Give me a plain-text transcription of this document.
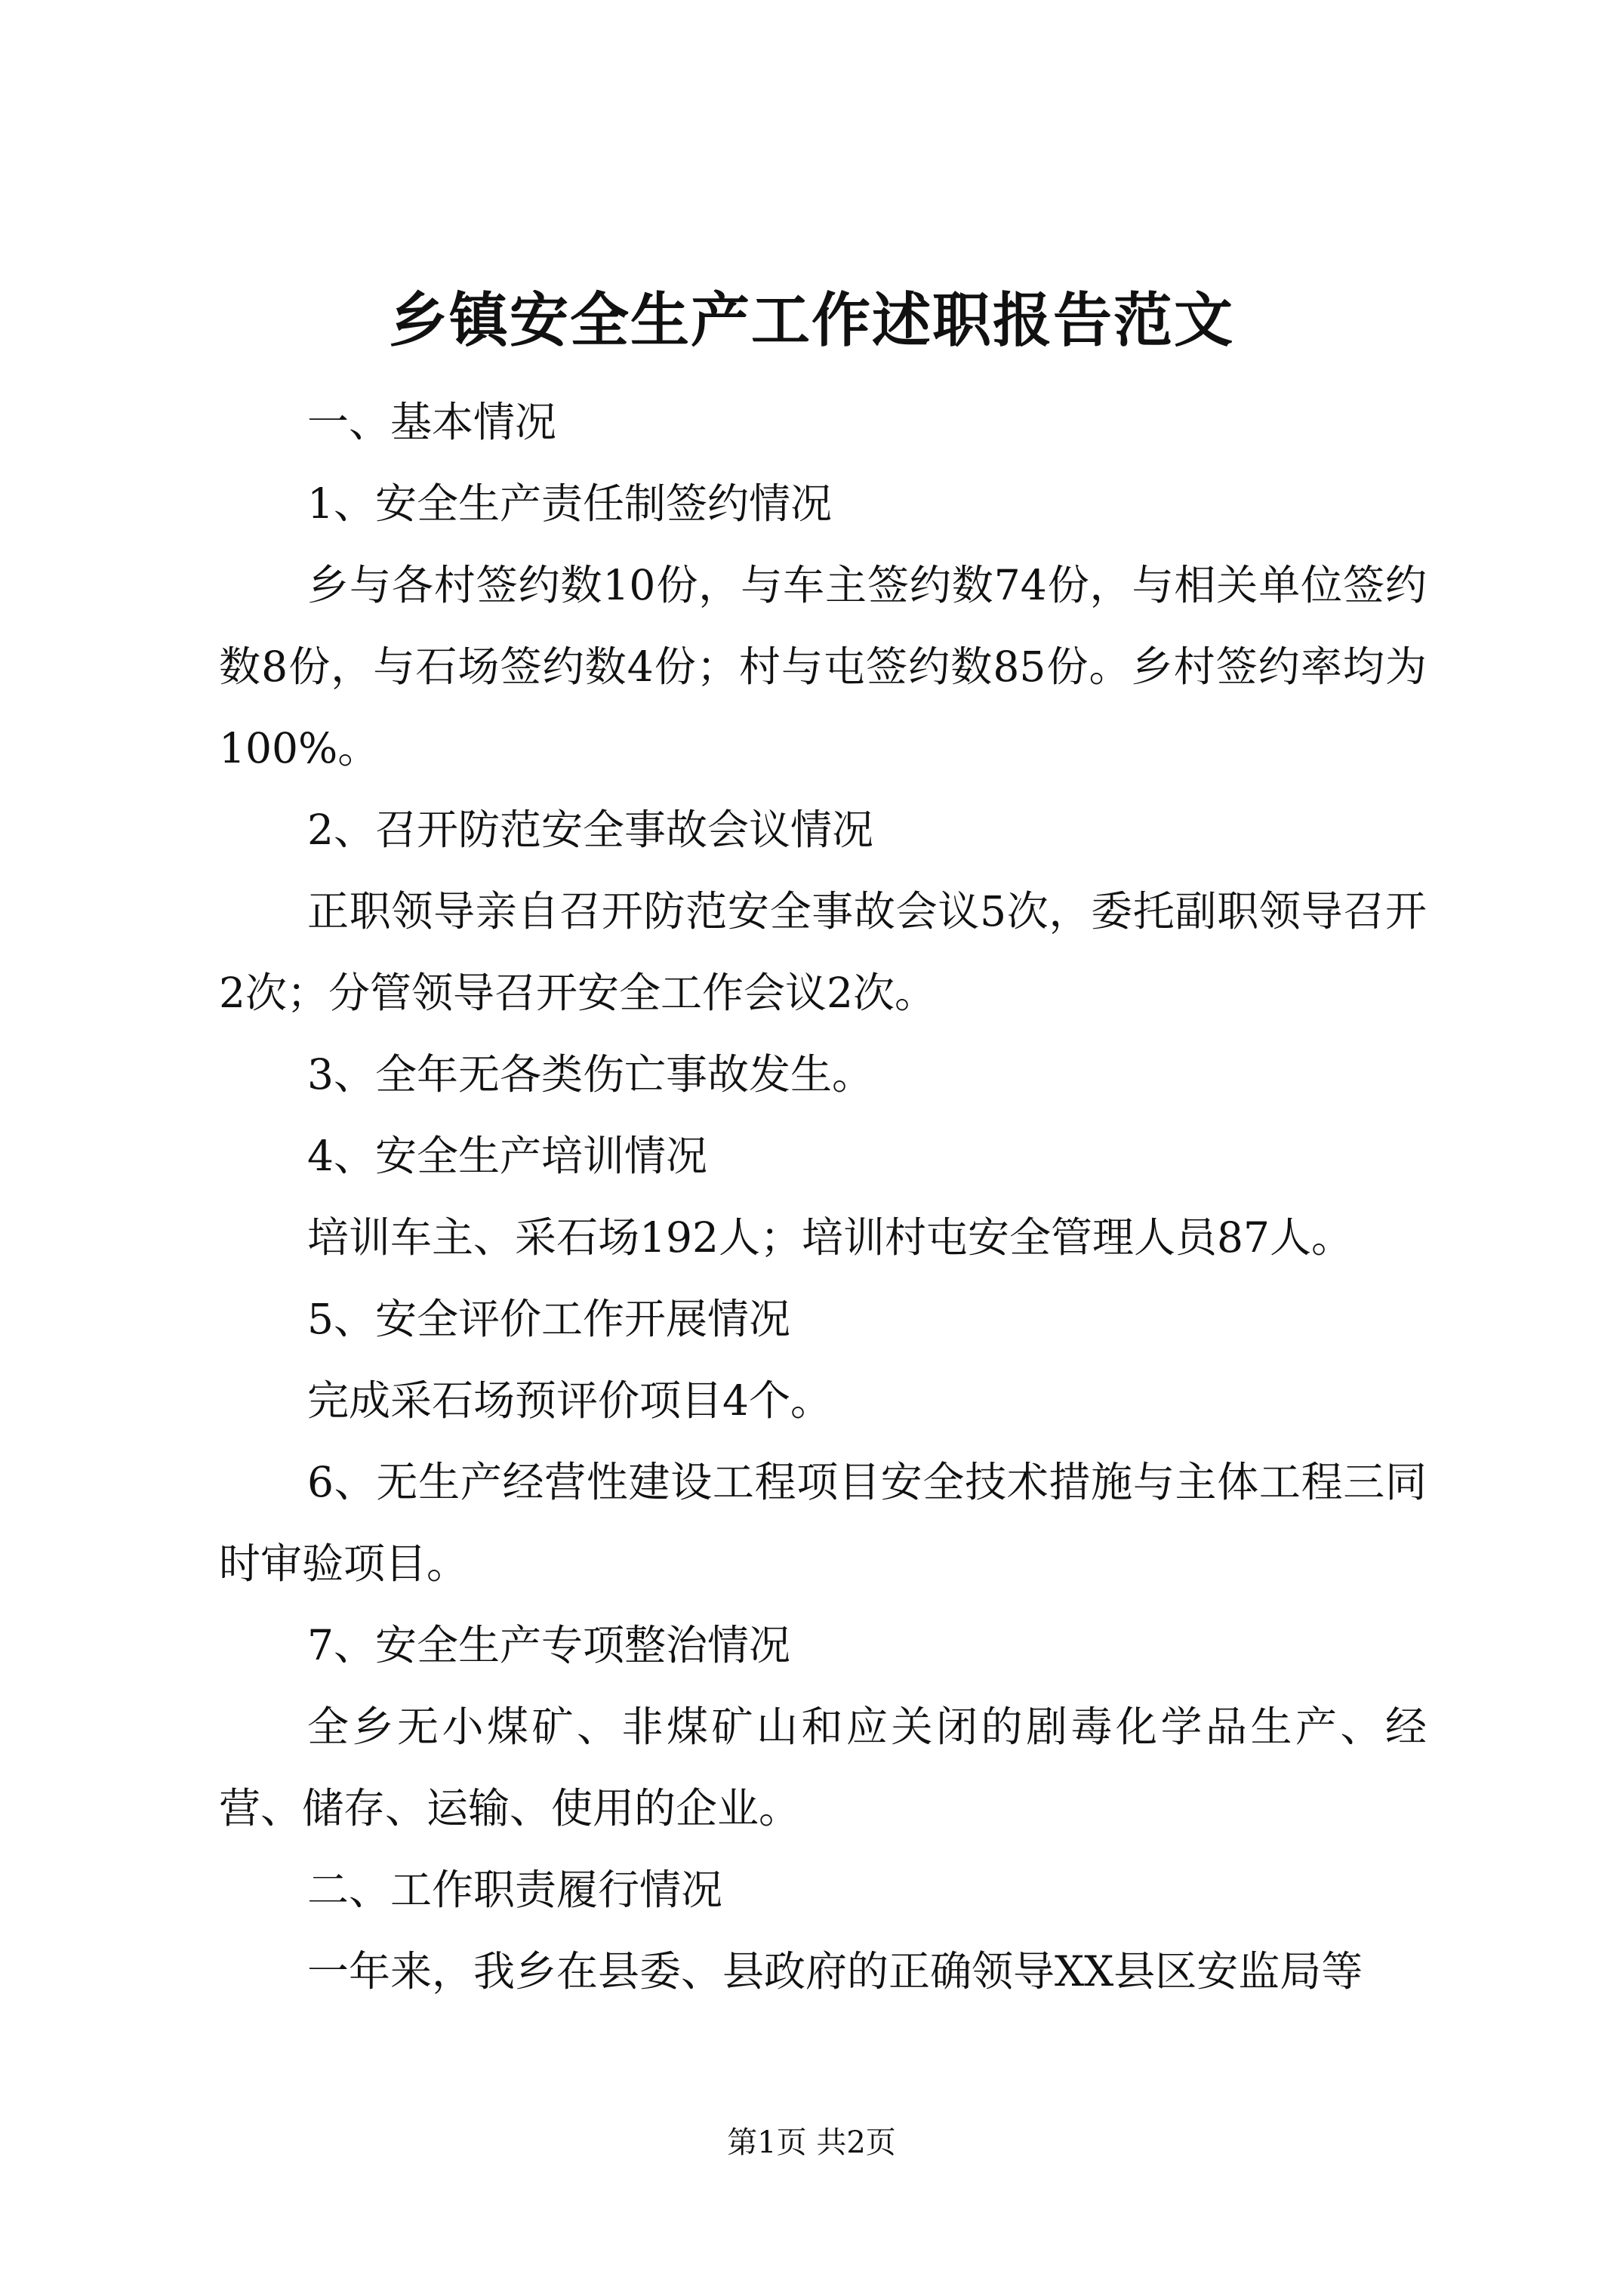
乡镇安全生产工作述职报告范文

一、基本情况

1、安全生产责任制签约情况

乡与各村签约数10份，与车主签约数74份，与相关单位签约数8份，与石场签约数4份；村与屯签约数85份。乡村签约率均为100%。

2、召开防范安全事故会议情况

正职领导亲自召开防范安全事故会议5次，委托副职领导召开2次；分管领导召开安全工作会议2次。

3、全年无各类伤亡事故发生。

4、安全生产培训情况

培训车主、采石场192人；培训村屯安全管理人员87人。

5、安全评价工作开展情况

完成采石场预评价项目4个。

6、无生产经营性建设工程项目安全技术措施与主体工程三同时审验项目。

7、安全生产专项整治情况

全乡无小煤矿、非煤矿山和应关闭的剧毒化学品生产、经营、储存、运输、使用的企业。

二、工作职责履行情况

一年来，我乡在县委、县政府的正确领导XX县区安监局等

第1页 共2页
